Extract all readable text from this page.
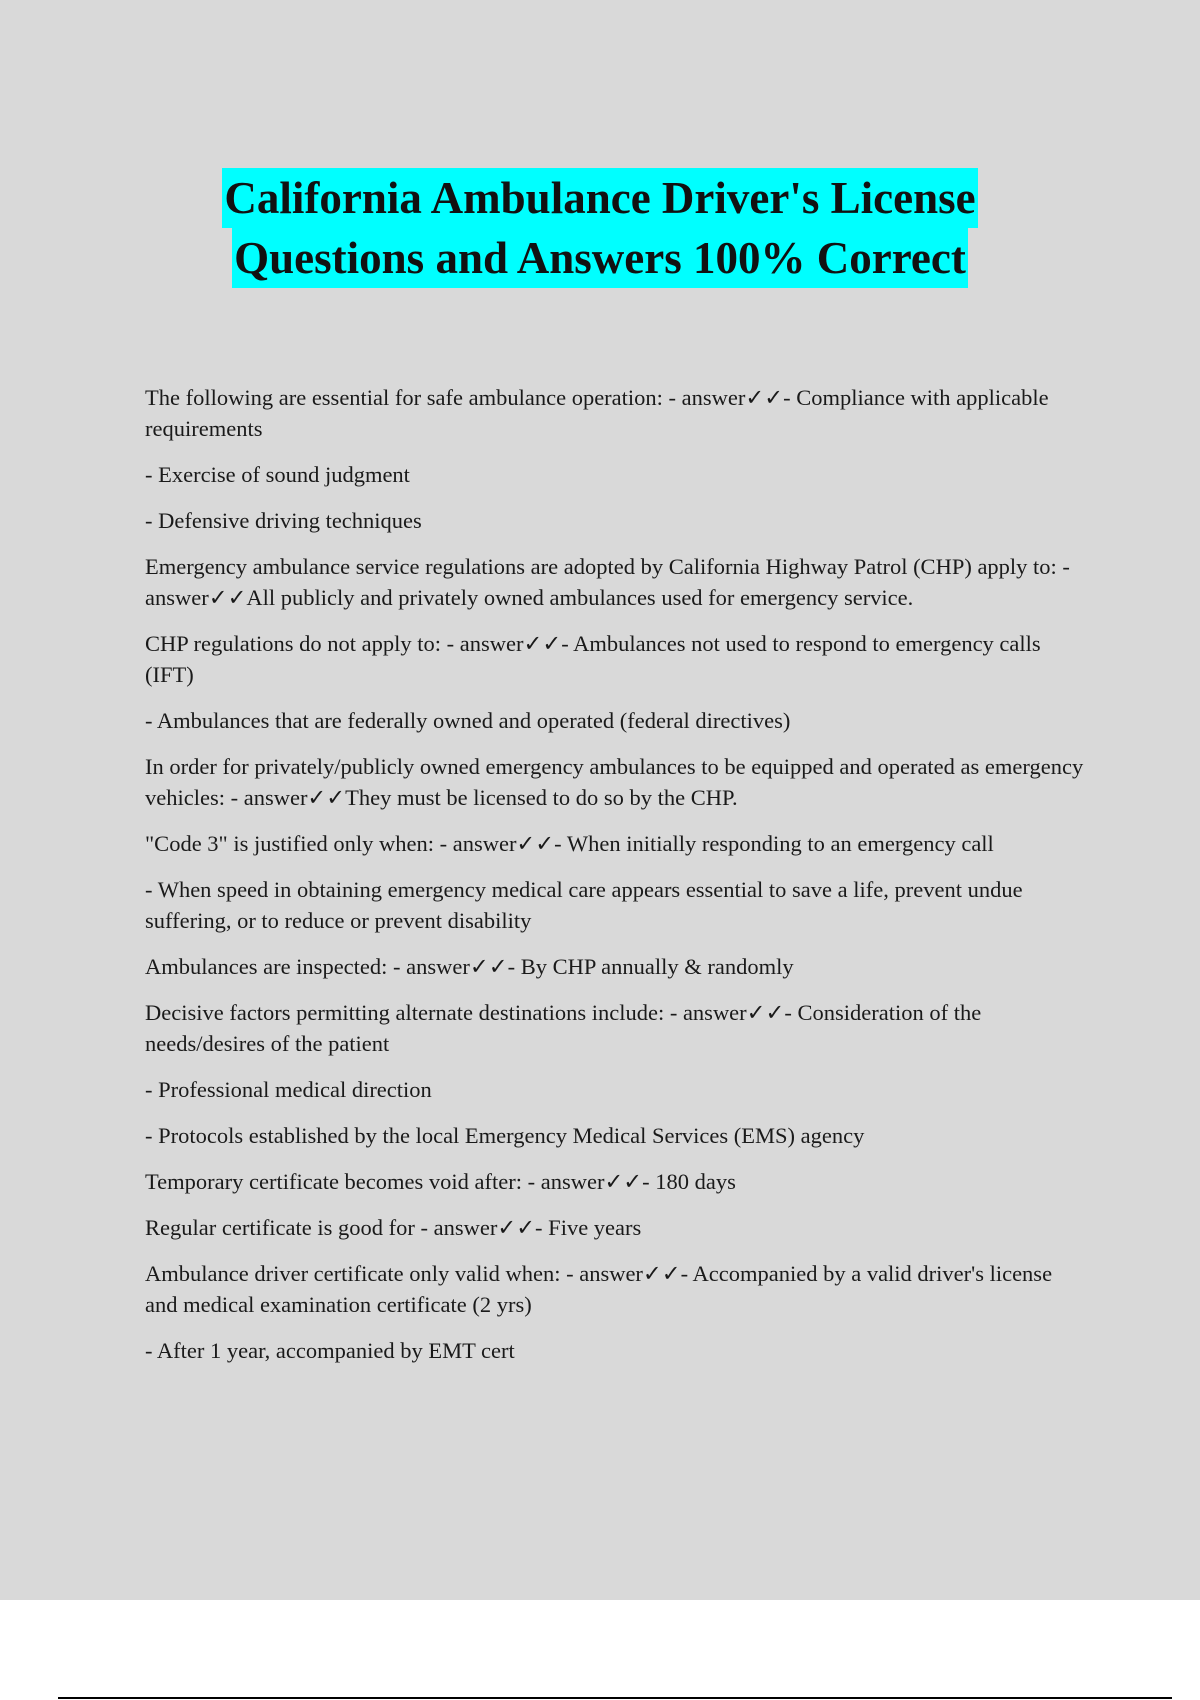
California Ambulance Driver's License
Questions and Answers 100% Correct

The following are essential for safe ambulance operation: - answer✓✓- Compliance with applicable requirements

- Exercise of sound judgment

- Defensive driving techniques

Emergency ambulance service regulations are adopted by California Highway Patrol (CHP) apply to: - answer✓✓All publicly and privately owned ambulances used for emergency service.

CHP regulations do not apply to: - answer✓✓- Ambulances not used to respond to emergency calls (IFT)

- Ambulances that are federally owned and operated (federal directives)

In order for privately/publicly owned emergency ambulances to be equipped and operated as emergency vehicles: - answer✓✓They must be licensed to do so by the CHP.

"Code 3" is justified only when: - answer✓✓- When initially responding to an emergency call

- When speed in obtaining emergency medical care appears essential to save a life, prevent undue suffering, or to reduce or prevent disability

Ambulances are inspected: - answer✓✓- By CHP annually & randomly

Decisive factors permitting alternate destinations include: - answer✓✓- Consideration of the needs/desires of the patient

- Professional medical direction

- Protocols established by the local Emergency Medical Services (EMS) agency

Temporary certificate becomes void after: - answer✓✓- 180 days

Regular certificate is good for - answer✓✓- Five years

Ambulance driver certificate only valid when: - answer✓✓- Accompanied by a valid driver's license and medical examination certificate (2 yrs)

- After 1 year, accompanied by EMT cert
